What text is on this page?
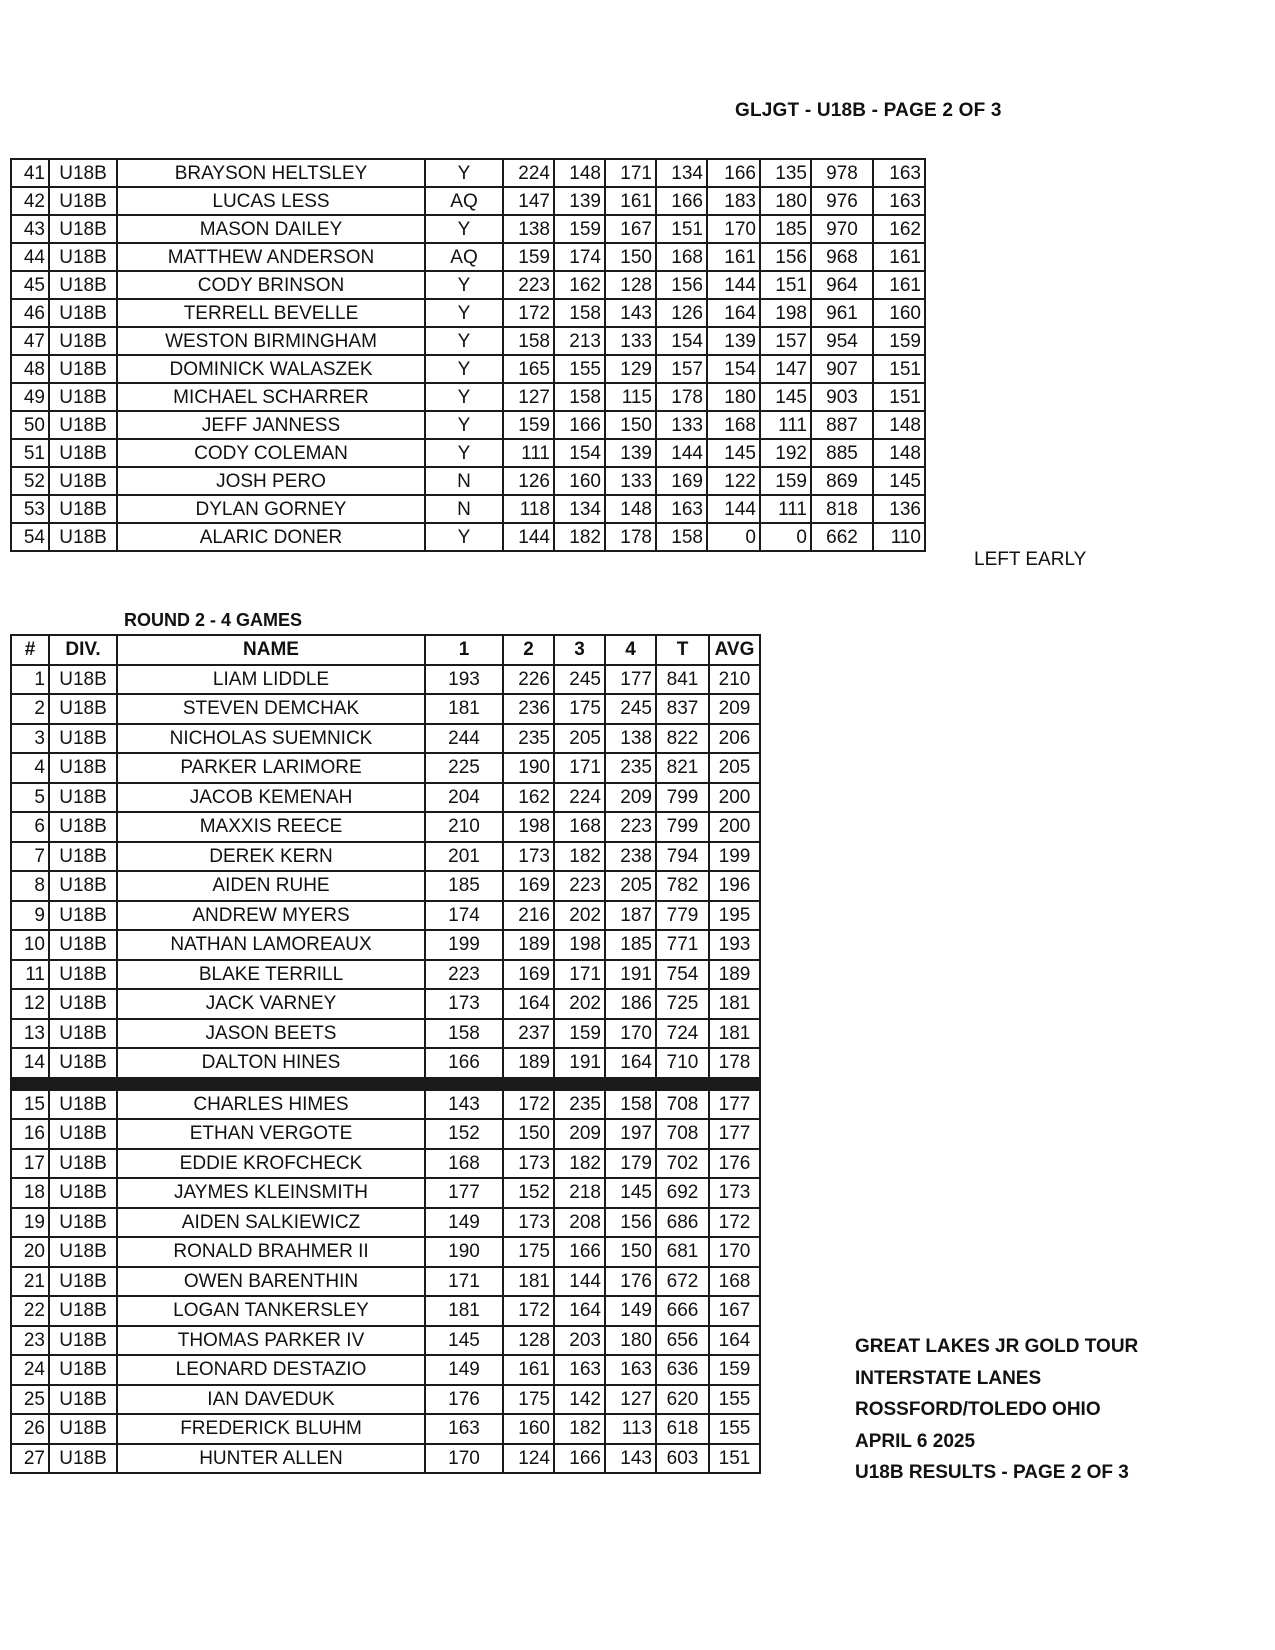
GLJGT - U18B - PAGE 2 OF 3
41	U18B	BRAYSON HELTSLEY	Y	224	148	171	134	166	135	978	163
42	U18B	LUCAS LESS	AQ	147	139	161	166	183	180	976	163
43	U18B	MASON DAILEY	Y	138	159	167	151	170	185	970	162
44	U18B	MATTHEW ANDERSON	AQ	159	174	150	168	161	156	968	161
45	U18B	CODY BRINSON	Y	223	162	128	156	144	151	964	161
46	U18B	TERRELL BEVELLE	Y	172	158	143	126	164	198	961	160
47	U18B	WESTON BIRMINGHAM	Y	158	213	133	154	139	157	954	159
48	U18B	DOMINICK WALASZEK	Y	165	155	129	157	154	147	907	151
49	U18B	MICHAEL SCHARRER	Y	127	158	115	178	180	145	903	151
50	U18B	JEFF JANNESS	Y	159	166	150	133	168	111	887	148
51	U18B	CODY COLEMAN	Y	111	154	139	144	145	192	885	148
52	U18B	JOSH PERO	N	126	160	133	169	122	159	869	145
53	U18B	DYLAN GORNEY	N	118	134	148	163	144	111	818	136
54	U18B	ALARIC DONER	Y	144	182	178	158	0	0	662	110
LEFT EARLY
ROUND 2 - 4 GAMES
#	DIV.	NAME	1	2	3	4	T	AVG
1	U18B	LIAM LIDDLE	193	226	245	177	841	210
2	U18B	STEVEN DEMCHAK	181	236	175	245	837	209
3	U18B	NICHOLAS SUEMNICK	244	235	205	138	822	206
4	U18B	PARKER LARIMORE	225	190	171	235	821	205
5	U18B	JACOB KEMENAH	204	162	224	209	799	200
6	U18B	MAXXIS REECE	210	198	168	223	799	200
7	U18B	DEREK KERN	201	173	182	238	794	199
8	U18B	AIDEN RUHE	185	169	223	205	782	196
9	U18B	ANDREW MYERS	174	216	202	187	779	195
10	U18B	NATHAN LAMOREAUX	199	189	198	185	771	193
11	U18B	BLAKE TERRILL	223	169	171	191	754	189
12	U18B	JACK VARNEY	173	164	202	186	725	181
13	U18B	JASON BEETS	158	237	159	170	724	181
14	U18B	DALTON HINES	166	189	191	164	710	178

15	U18B	CHARLES HIMES	143	172	235	158	708	177
16	U18B	ETHAN VERGOTE	152	150	209	197	708	177
17	U18B	EDDIE KROFCHECK	168	173	182	179	702	176
18	U18B	JAYMES KLEINSMITH	177	152	218	145	692	173
19	U18B	AIDEN SALKIEWICZ	149	173	208	156	686	172
20	U18B	RONALD BRAHMER II	190	175	166	150	681	170
21	U18B	OWEN BARENTHIN	171	181	144	176	672	168
22	U18B	LOGAN TANKERSLEY	181	172	164	149	666	167
23	U18B	THOMAS PARKER IV	145	128	203	180	656	164
24	U18B	LEONARD DESTAZIO	149	161	163	163	636	159
25	U18B	IAN DAVEDUK	176	175	142	127	620	155
26	U18B	FREDERICK BLUHM	163	160	182	113	618	155
27	U18B	HUNTER ALLEN	170	124	166	143	603	151
GREAT LAKES JR GOLD TOUR
INTERSTATE LANES
ROSSFORD/TOLEDO OHIO
APRIL 6 2025
U18B RESULTS - PAGE 2 OF 3
